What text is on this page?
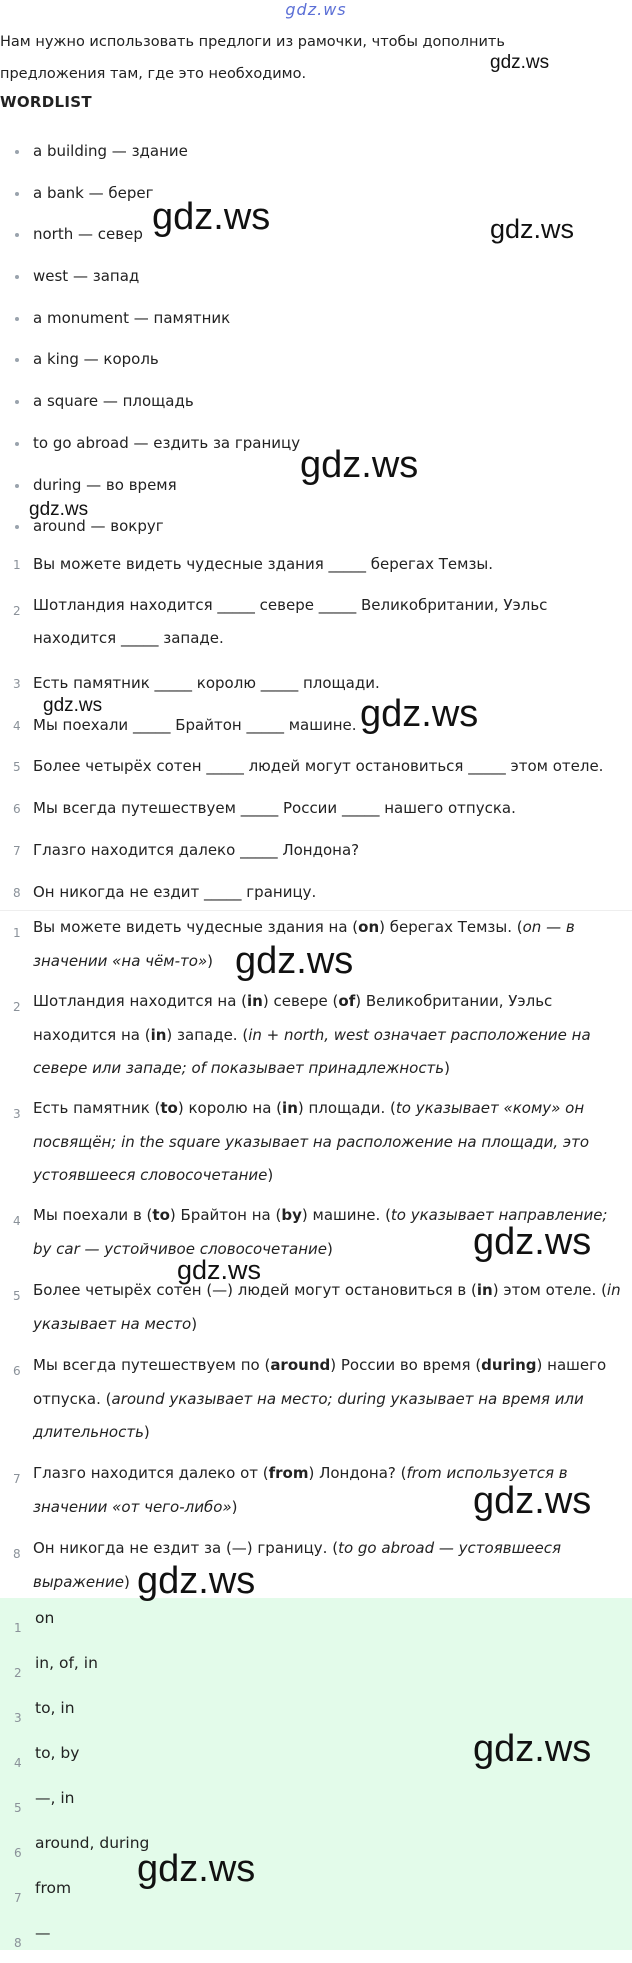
gdz.ws
Нам нужно использовать предлоги из рамочки, чтобы дополнить предложения там, где это необходимо.
WORDLIST
a building — здание
a bank — берег
north — север
west — запад
a monument — памятник
a king — король
a square — площадь
to go abroad — ездить за границу
during — во время
around — вокруг
1 Вы можете видеть чудесные здания _____ берегах Темзы.
2 Шотландия находится _____ севере _____ Великобритании, Уэльс находится _____ западе.
3 Есть памятник _____ королю _____ площади.
4 Мы поехали _____ Брайтон _____ машине.
5 Более четырёх сотен _____ людей могут остановиться _____ этом отеле.
6 Мы всегда путешествуем _____ России _____ нашего отпуска.
7 Глазго находится далеко _____ Лондона?
8 Он никогда не ездит _____ границу.
1 Вы можете видеть чудесные здания на (on) берегах Темзы. (on — в значении «на чём-то»)
2 Шотландия находится на (in) севере (of) Великобритании, Уэльс находится на (in) западе. (in + north, west означает расположение на севере или западе; of показывает принадлежность)
3 Есть памятник (to) королю на (in) площади. (to указывает «кому» он посвящён; in the square указывает на расположение на площади, это устоявшееся словосочетание)
4 Мы поехали в (to) Брайтон на (by) машине. (to указывает направление; by car — устойчивое словосочетание)
5 Более четырёх сотен (—) людей могут остановиться в (in) этом отеле. (in указывает на место)
6 Мы всегда путешествуем по (around) России во время (during) нашего отпуска. (around указывает на место; during указывает на время или длительность)
7 Глазго находится далеко от (from) Лондона? (from используется в значении «от чего-либо»)
8 Он никогда не ездит за (—) границу. (to go abroad — устоявшееся выражение)
1
on
2
in, of, in
3
to, in
4
to, by
5
—, in
6
around, during
7
from
8
—
gdz.ws
gdz.ws	gdz.ws
gdz.ws
gdz.ws
gdz.ws	gdz.ws
gdz.ws
gdz.ws
gdz.ws
gdz.ws
gdz.ws
gdz.ws
gdz.ws
